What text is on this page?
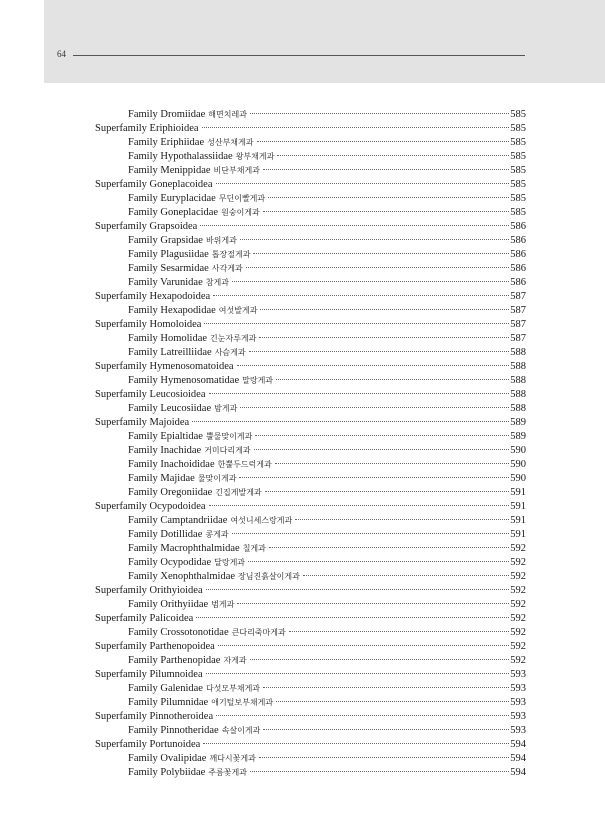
64
Family Dromiidae 해면치레과	585
Superfamily Eriphioidea	585
Family Eriphiidae 성산부채게과	585
Family Hypothalassiidae 왕부채게과	585
Family Menippidae 비단부채게과	585
Superfamily Goneplacoidea	585
Family Euryplacidae 무딘이빨게과	585
Family Goneplacidae 원숭이게과	585
Superfamily Grapsoidea	586
Family Grapsidae 바위게과	586
Family Plagusiidae 톱장절게과	586
Family Sesarmidae 사각게과	586
Family Varunidae 참게과	586
Superfamily Hexapodoidea	587
Family Hexapodidae 여섯발게과	587
Superfamily Homoloidea	587
Family Homolidae 긴눈자루게과	587
Family Latreilliidae 사슴게과	588
Superfamily Hymenosomatoidea	588
Family Hymenosomatidae 말랑게과	588
Superfamily Leucosioidea	588
Family Leucosiidae 밤게과	588
Superfamily Majoidea	589
Family Epialtidae 뿔물맞이게과	589
Family Inachidae 거미다리게과	590
Family Inachoididae 한뿔두드럭게과	590
Family Majidae 물맞이게과	590
Family Oregoniidae 긴집게발게과	591
Superfamily Ocypodoidea	591
Family Camptandriidae 여섯니세스랑게과	591
Family Dotillidae 콩게과	591
Family Macrophthalmidae 칠게과	592
Family Ocypodidae 달랑게과	592
Family Xenophthalmidae 장님진흙살이게과	592
Superfamily Orithyioidea	592
Family Orithyiidae 범게과	592
Superfamily Palicoidea	592
Family Crossotonotidae 큰다리죽마게과	592
Superfamily Parthenopoidea	592
Family Parthenopidae 자게과	592
Superfamily Pilumnoidea	593
Family Galenidae 다섯모부채게과	593
Family Pilumnidae 애기털보부채게과	593
Superfamily Pinnotheroidea	593
Family Pinnotheridae 속살이게과	593
Superfamily Portunoidea	594
Family Ovalipidae 깨다시꽃게과	594
Family Polybiidae 주름꽃게과	594
